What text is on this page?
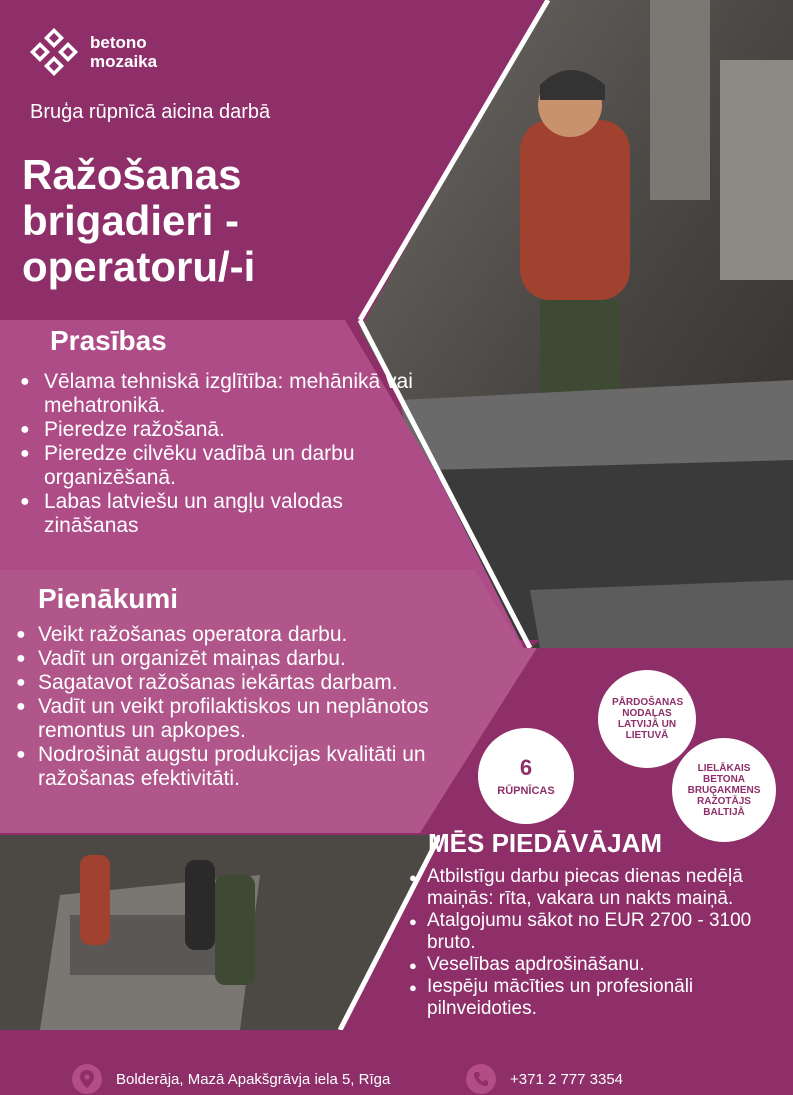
betono
mozaika
Bruģa rūpnīcā aicina darbā
Ražošanas brigadieri - operatoru/-i
Prasības
● Vēlama tehniskā izglītība: mehānikā vai mehatronikā.
● Pieredze ražošanā.
● Pieredze cilvēku vadībā un darbu organizēšanā.
● Labas latviešu un angļu valodas zināšanas
Pienākumi
● Veikt ražošanas operatora darbu.
● Vadīt un organizēt maiņas darbu.
● Sagatavot ražošanas iekārtas darbam.
● Vadīt un veikt profilaktiskos un neplānotos remontus un apkopes.
● Nodrošināt augstu produkcijas kvalitāti un ražošanas efektivitāti.
PĀRDOŠANAS NODAĻAS LATVIJĀ UN LIETUVĀ
6
RŪPNĪCAS
LIELĀKAIS BETONA BRUĢAKMENS RAŽOTĀJS BALTIJĀ
MĒS PIEDĀVĀJAM
● Atbilstīgu darbu piecas dienas nedēļā maiņās: rīta, vakara un nakts maiņā.
● Atalgojumu sākot no EUR 2700 - 3100 bruto.
● Veselības apdrošināšanu.
● Iespēju mācīties un profesionāli pilnveidoties.
Bolderāja, Mazā Apakšgrāvja iela 5, Rīga	+371 2 777 3354
